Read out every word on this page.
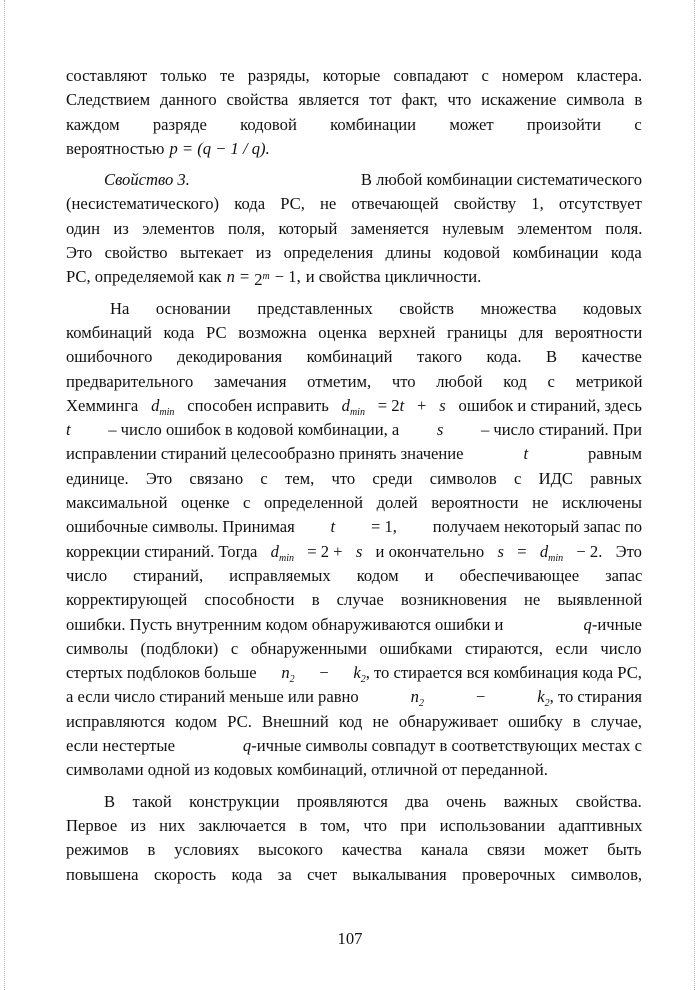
составляют только те разряды, которые совпадают с номером кластера.
Следствием данного свойства является тот факт, что искажение символа в
каждом разряде кодовой комбинации может произойти с
вероятностью p = (q − 1 / q).
Свойство 3.	В любой комбинации систематического
(несистематического) кода РС, не отвечающей свойству 1, отсутствует
один из элементов поля, который заменяется нулевым элементом поля.
Это свойство вытекает из определения длины кодовой комбинации кода
РС, определяемой как $n = 2^m - 1$, и свойства цикличности.
На основании представленных свойств множества кодовых
комбинаций кода РС возможна оценка верхней границы для вероятности
ошибочного декодирования комбинаций такого кода. В качестве
предварительного замечания отметим, что любой код с метрикой
Хемминга $d_{min}$ способен исправить $d_{min} = 2t + s$ ошибок и стираний, здесь
t – число ошибок в кодовой комбинации, а s – число стираний. При
исправлении стираний целесообразно принять значение	t	равным
единице. Это связано с тем, что среди символов с ИДС равных
максимальной оценке с определенной долей вероятности не исключены
ошибочные символы. Принимая t = 1, получаем некоторый запас по
коррекции стираний. Тогда $d_{min} = 2 + s$ и окончательно $s = d_{min} - 2$. Это
число стираний, исправляемых кодом и обеспечивающее запас
корректирующей способности в случае возникновения не выявленной
ошибки. Пусть внутренним кодом обнаруживаются ошибки и	q-ичные
символы (подблоки) с обнаруженными ошибками стираются, если число
стертых подблоков больше $n_2 - k_2$, то стирается вся комбинация кода РС,
а если число стираний меньше или равно	$n_2$	−	$k_2$, то стирания
исправляются кодом РС. Внешний код не обнаруживает ошибку в случае,
если нестертые	q-ичные символы совпадут в соответствующих местах с
символами одной из кодовых комбинаций, отличной от переданной.
В такой конструкции проявляются два очень важных свойства.
Первое из них заключается в том, что при использовании адаптивных
режимов в условиях высокого качества канала связи может быть
повышена скорость кода за счет выкалывания проверочных символов,
107
